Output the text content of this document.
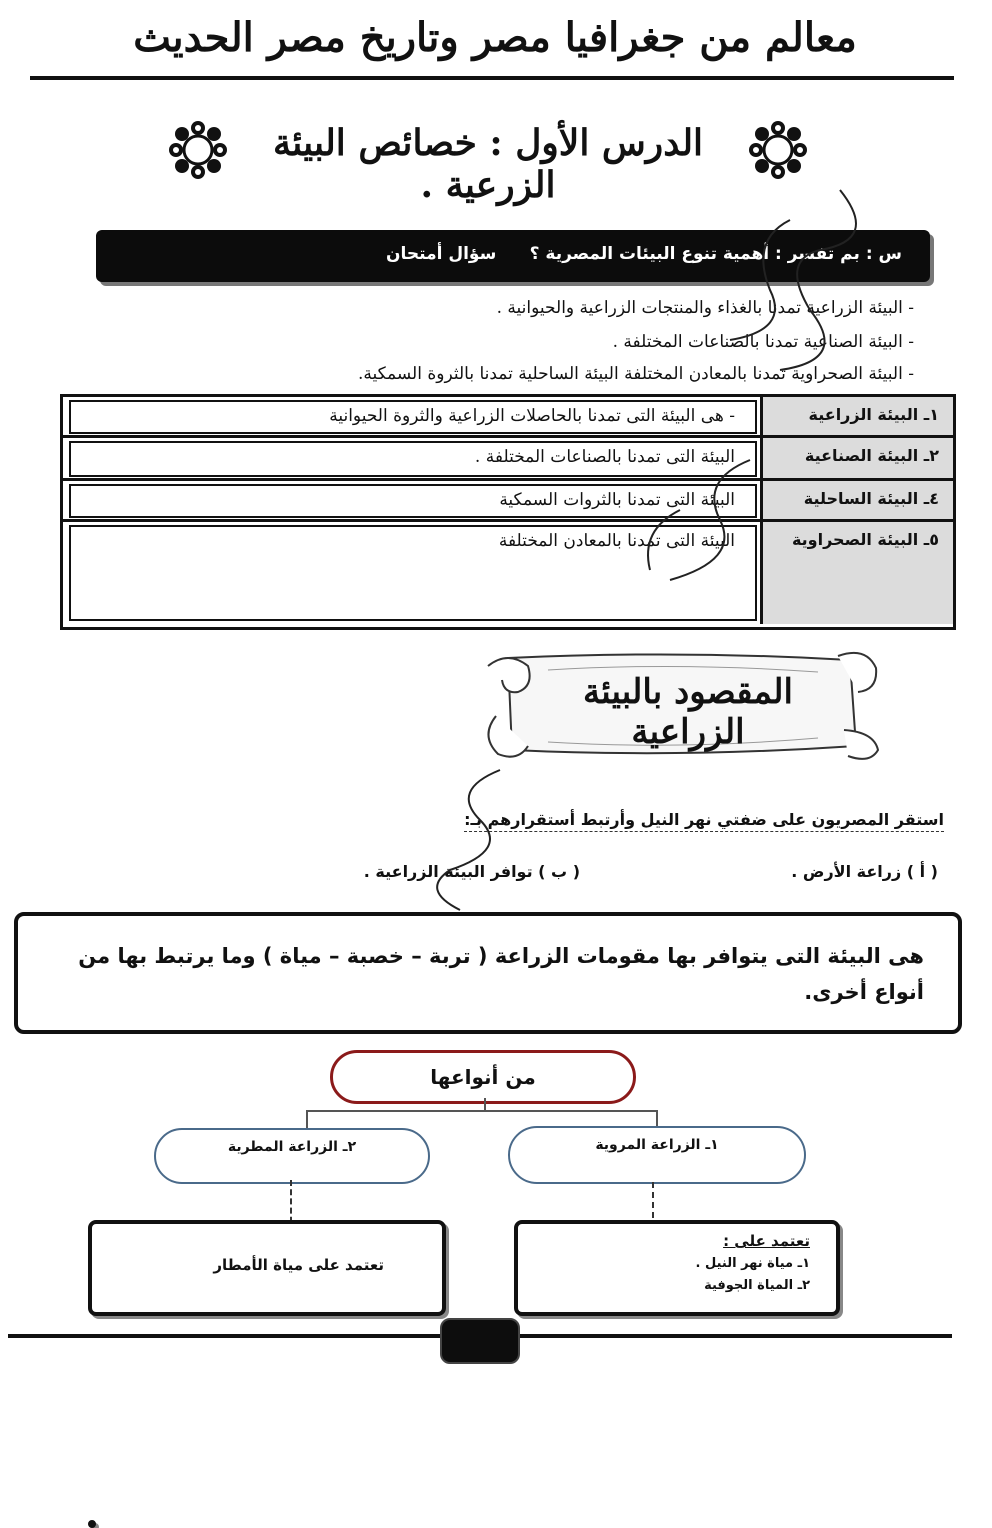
معالم من جغرافيا مصر وتاريخ مصر الحديث
الدرس الأول : خصائص البيئة الزرعية .
س : بم تفسر : أهمية تنوع البيئات المصرية ؟
سؤال أمتحان
- البيئة الزراعية تمدنا بالغذاء والمنتجات الزراعية والحيوانية .
- البيئة الصناعية تمدنا بالصناعات المختلفة .
- البيئة الصحراوية تمدنا بالمعادن المختلفة البيئة الساحلية تمدنا بالثروة السمكية.
١ـ البيئة الزراعية
- هى البيئة التى تمدنا بالحاصلات الزراعية والثروة الحيوانية
٢ـ البيئة الصناعية
البيئة التى تمدنا بالصناعات المختلفة .
٤ـ البيئة الساحلية
البيئة التى تمدنا بالثروات السمكية
٥ـ البيئة الصحراوية
البيئة التى تمدنا بالمعادن المختلفة
المقصود بالبيئة الزراعية
استقر المصريون على ضفتي نهر النيل وأرتبط أستقرارهم بـ:
( أ ) زراعة الأرض .
( ب ) توافر البيئة الزراعية .
هى البيئة التى يتوافر بها مقومات الزراعة ( تربة – خصبة – مياة ) وما يرتبط بها من أنواع أخرى.
من أنواعها
٢ـ الزراعة المطرية	١ـ الزراعة المروية
تعتمد على مياة الأمطار
تعتمد على :
١ـ مياة نهر النيل .
٢ـ المياة الجوفية
